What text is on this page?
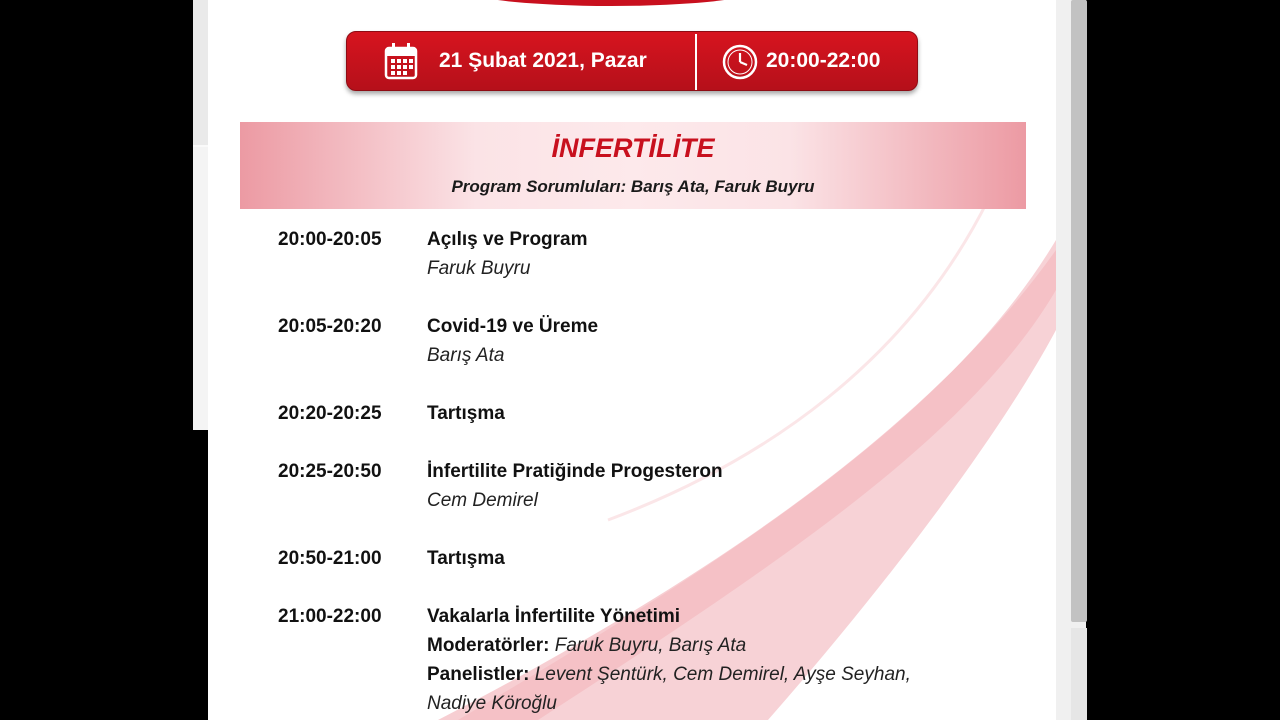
21 Şubat 2021, Pazar	20:00-22:00
İNFERTİLİTE
Program Sorumluları: Barış Ata, Faruk Buyru
20:00-20:05 Açılış ve Program
Faruk Buyru
20:05-20:20 Covid-19 ve Üreme
Barış Ata
20:20-20:25 Tartışma
20:25-20:50 İnfertilite Pratiğinde Progesteron
Cem Demirel
20:50-21:00 Tartışma
21:00-22:00 Vakalarla İnfertilite Yönetimi
Moderatörler: Faruk Buyru, Barış Ata
Panelistler: Levent Şentürk, Cem Demirel, Ayşe Seyhan,
Nadiye Köroğlu
